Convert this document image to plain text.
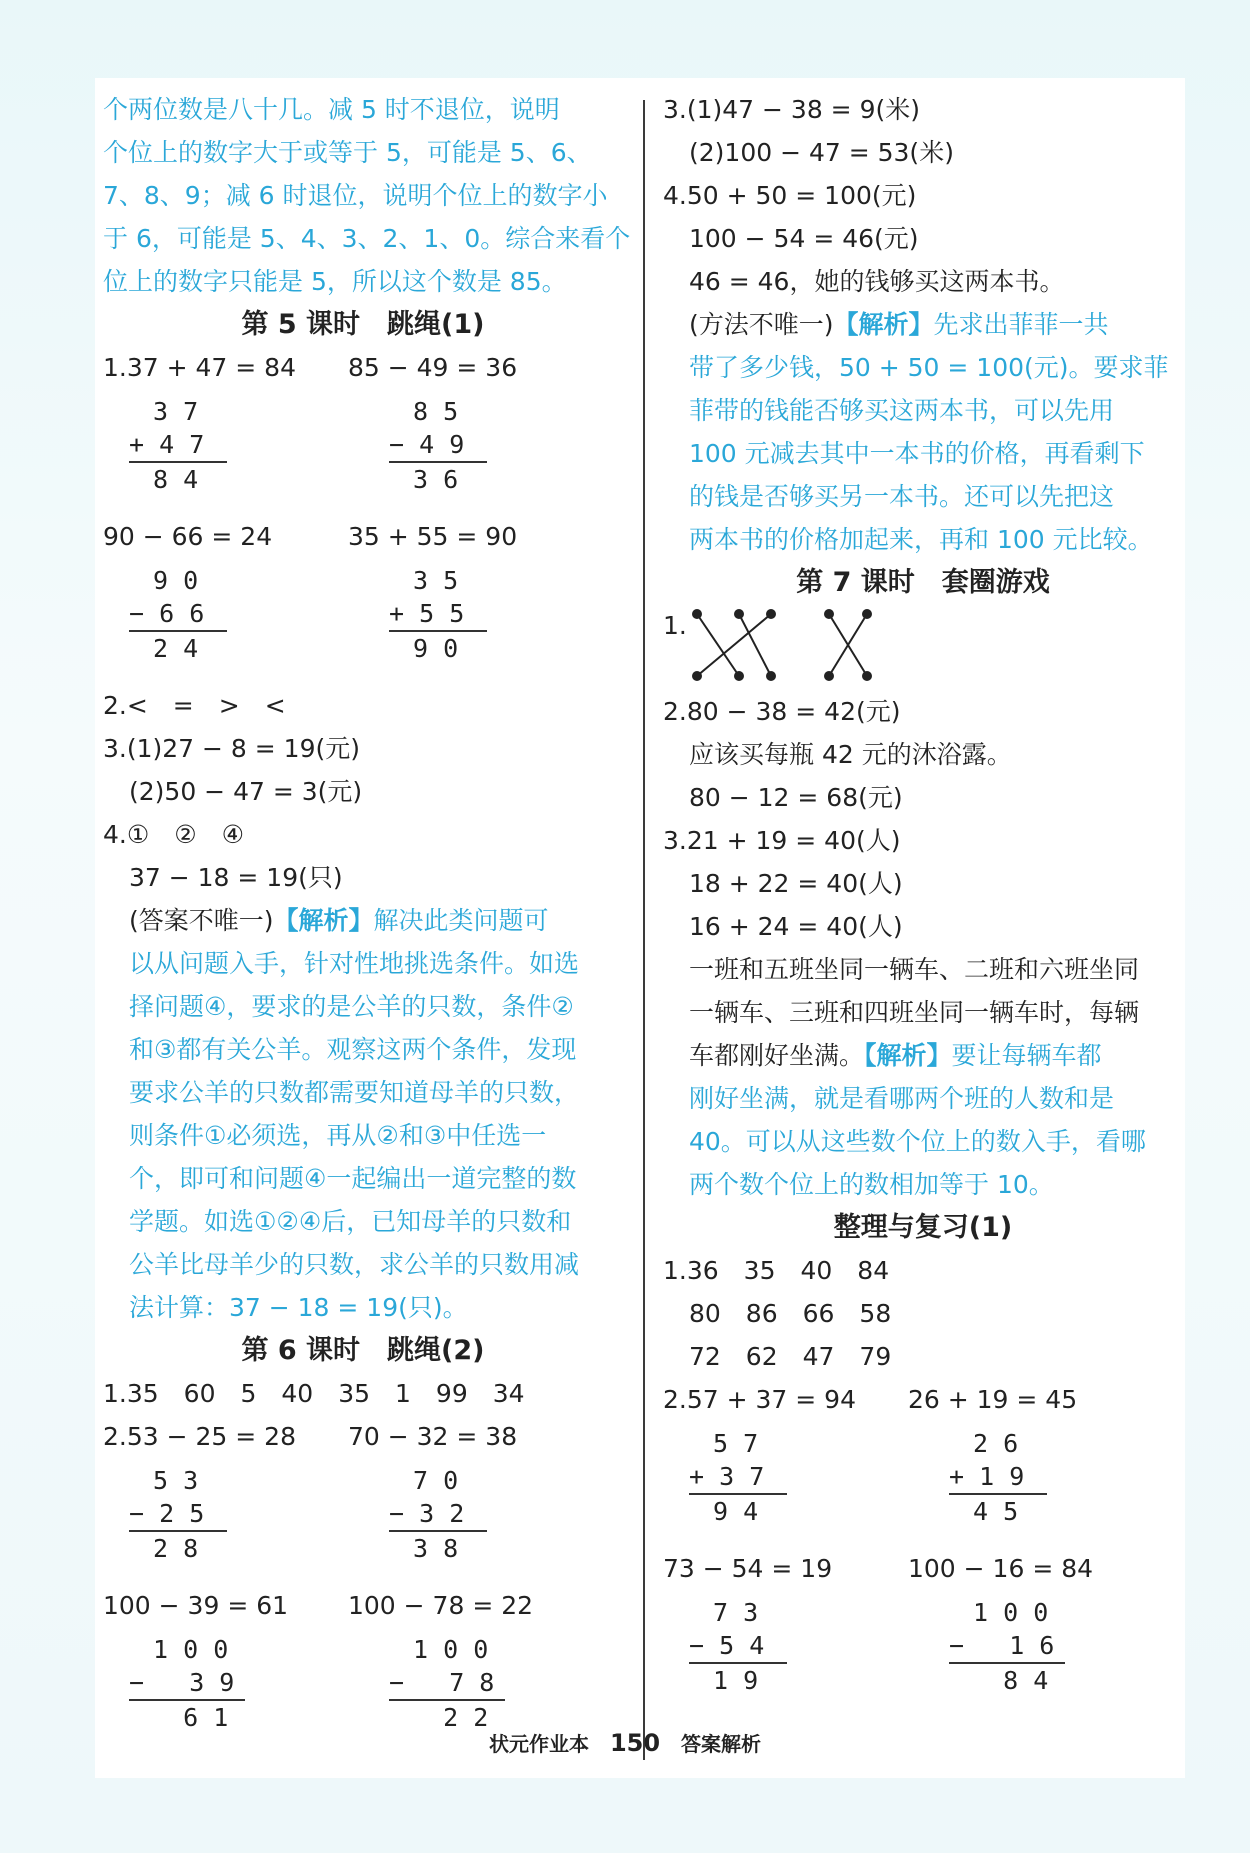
个两位数是八十几。减 5 时不退位，说明
个位上的数字大于或等于 5，可能是 5、6、
7、8、9；减 6 时退位，说明个位上的数字小
于 6，可能是 5、4、3、2、1、0。综合来看个
位上的数字只能是 5，所以这个数是 85。
第 5 课时　跳绳(1)
1.37 + 47 = 84	85 − 49 = 36
3 7
+ 4 7
8 4
8 5
− 4 9
3 6
90 − 66 = 24	35 + 55 = 90
9 0
− 6 6
2 4
3 5
+ 5 5
9 0
2.<　=　>　<
3.(1)27 − 8 = 19(元)
(2)50 − 47 = 3(元)
4.①　②　④
37 − 18 = 19(只)
(答案不唯一)【解析】解决此类问题可
以从问题入手，针对性地挑选条件。如选
择问题④，要求的是公羊的只数，条件②
和③都有关公羊。观察这两个条件，发现
要求公羊的只数都需要知道母羊的只数，
则条件①必须选，再从②和③中任选一
个，即可和问题④一起编出一道完整的数
学题。如选①②④后，已知母羊的只数和
公羊比母羊少的只数，求公羊的只数用减
法计算：37 − 18 = 19(只)。
第 6 课时　跳绳(2)
1.35　60　5　40　35　1　99　34
2.53 − 25 = 28	70 − 32 = 38
5 3
− 2 5
2 8
7 0
− 3 2
3 8
100 − 39 = 61	100 − 78 = 22
1 0 0
−   3 9
6 1
1 0 0
−   7 8
2 2
3.(1)47 − 38 = 9(米)
(2)100 − 47 = 53(米)
4.50 + 50 = 100(元)
100 − 54 = 46(元)
46 = 46，她的钱够买这两本书。
(方法不唯一)【解析】先求出菲菲一共
带了多少钱，50 + 50 = 100(元)。要求菲
菲带的钱能否够买这两本书，可以先用
100 元减去其中一本书的价格，再看剩下
的钱是否够买另一本书。还可以先把这
两本书的价格加起来，再和 100 元比较。
第 7 课时　套圈游戏
1.
2.80 − 38 = 42(元)
应该买每瓶 42 元的沐浴露。
80 − 12 = 68(元)
3.21 + 19 = 40(人)
18 + 22 = 40(人)
16 + 24 = 40(人)
一班和五班坐同一辆车、二班和六班坐同
一辆车、三班和四班坐同一辆车时，每辆
车都刚好坐满。【解析】要让每辆车都
刚好坐满，就是看哪两个班的人数和是
40。可以从这些数个位上的数入手，看哪
两个数个位上的数相加等于 10。
整理与复习(1)
1.36　35　40　84
80　86　66　58
72　62　47　79
2.57 + 37 = 94	26 + 19 = 45
5 7
+ 3 7
9 4
2 6
+ 1 9
4 5
73 − 54 = 19	100 − 16 = 84
7 3
− 5 4
1 9
1 0 0
−   1 6
8 4
状元作业本 150 答案解析
